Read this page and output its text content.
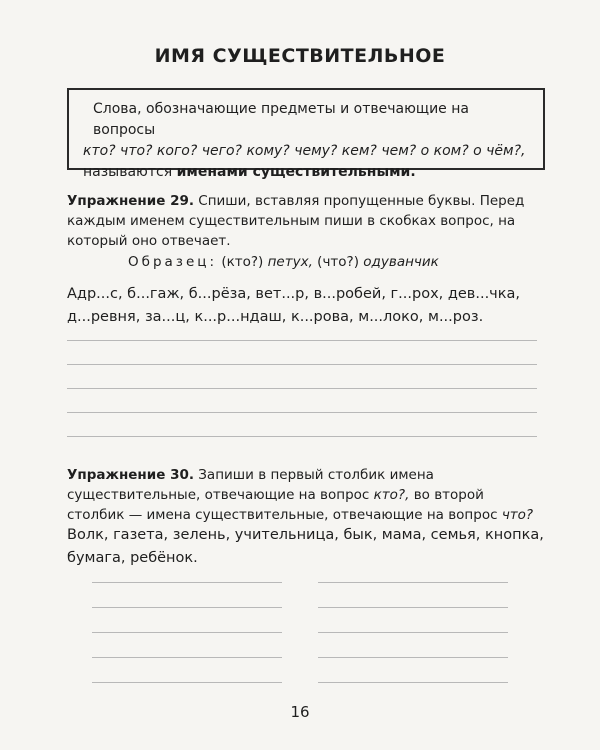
ИМЯ СУЩЕСТВИТЕЛЬНОЕ
Слова, обозначающие предметы и отвечающие на вопросы
кто? что? кого? чего? кому? чему? кем? чем? о ком? о чём?,
называются именами существительными.
Упражнение 29. Спиши, вставляя пропущенные буквы. Перед каждым именем существительным пиши в скобках вопрос, на который оно отвечает.
Образец: (кто?) петух, (что?) одуванчик
Адр...с, б...гаж, б...рёза, вет...р, в...робей, г...рох, дев...чка,
д...ревня, за...ц, к...р...ндаш, к...рова, м...локо, м...роз.
Упражнение 30. Запиши в первый столбик имена существительные, отвечающие на вопрос кто?, во второй столбик — имена существительные, отвечающие на вопрос что?
Волк, газета, зелень, учительница, бык, мама, семья, кнопка,
бумага, ребёнок.
16
